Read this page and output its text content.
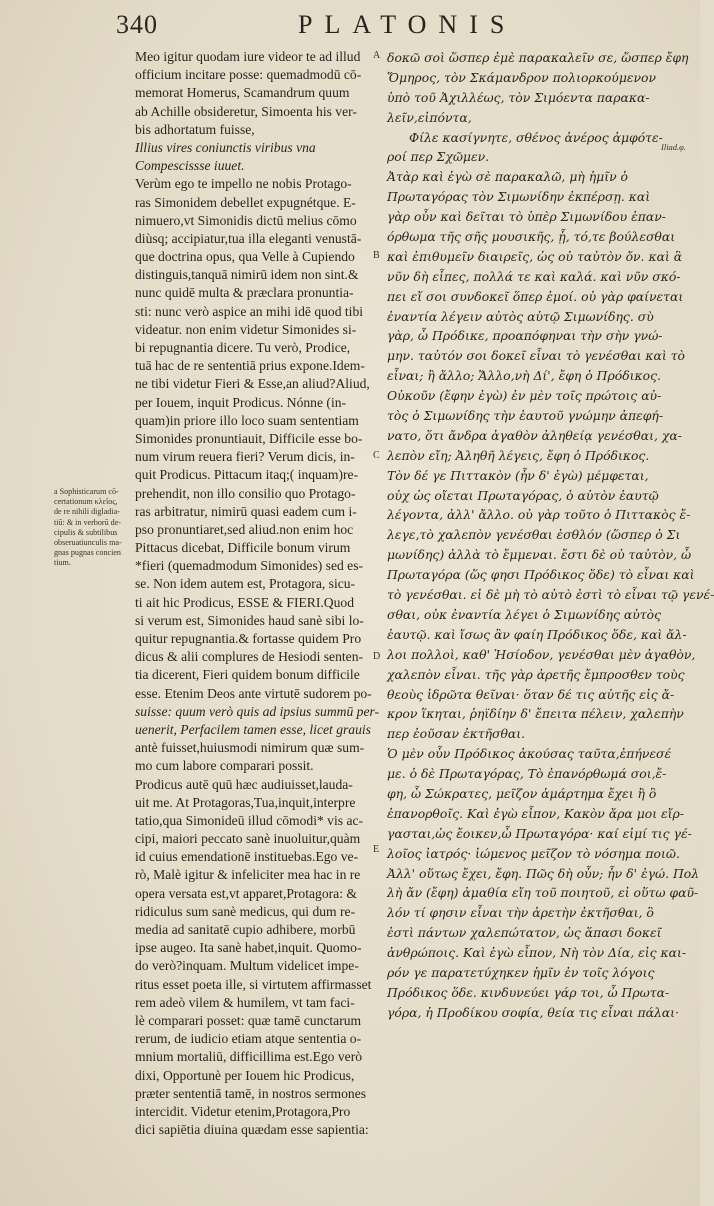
340	PLATONIS
a Sophisticarum cō-
certationum κλεῖος,
de re nihili digladia-
tiū: & in verborū de-
cipulis & subtilibus
obseruatiunculis ma-
gnas pugnas concien
tium.
Meo igitur quodam iure videor te ad illud
officium incitare posse: quemadmodū cō-
memorat Homerus, Scamandrum quum
ab Achille obsideretur, Simoenta his ver-
bis adhortatum fuisse,
Illius vires coniunctis viribus vna
Compescissse iuuet.
Verùm ego te impello ne nobis Protago-
ras Simonidem debellet expugnétque. E-
nimuero,vt Simonidis dictū melius cōmo
diùsq; accipiatur,tua illa eleganti venustā-
que doctrina opus, qua Velle à Cupiendo
distinguis,tanquā nimirū idem non sint.&
nunc quidē multa & præclara pronuntia-
sti: nunc verò aspice an mihi idē quod tibi
videatur. non enim videtur Simonides si-
bi repugnantia dicere. Tu verò, Prodice,
tuā hac de re sententiā prius expone.Idem-
ne tibi videtur Fieri & Esse,an aliud?Aliud,
per Iouem, inquit Prodicus. Nónne (in-
quam)in priore illo loco suam sententiam
Simonides pronuntiauit, Difficile esse bo-
num virum reuera fieri? Verum dicis, in-
quit Prodicus. Pittacum itaq;( inquam)re-
prehendit, non illo consilio quo Protago-
ras arbitratur, nimirū quasi eadem cum i-
pso pronuntiaret,sed aliud.non enim hoc
Pittacus dicebat, Difficile bonum virum
*fieri (quemadmodum Simonides) sed es-
se. Non idem autem est, Protagora, sicu-
ti ait hic Prodicus, ESSE & FIERI.Quod
si verum est, Simonides haud sanè sibi lo-
quitur repugnantia.& fortasse quidem Pro
dicus & alii complures de Hesiodi senten-
tia dicerent, Fieri quidem bonum difficile
esse. Etenim Deos ante virtutē sudorem po-
suisse: quum verò quis ad ipsius summū per-
uenerit, Perfacilem tamen esse, licet grauis
antè fuisset,huiusmodi nimirum quæ sum-
mo cum labore comparari possit.
Prodicus autē quū hæc audiuisset,lauda-
uit me. At Protagoras,Tua,inquit,interpre
tatio,qua Simonideū illud cōmodi* vis ac-
cipi, maiori peccato sanè inuoluitur,quàm
id cuius emendationē instituebas.Ego ve-
rò, Malè igitur & infeliciter mea hac in re
opera versata est,vt apparet,Protagora: &
ridiculus sum sanè medicus, qui dum re-
media ad sanitatē cupio adhibere, morbū
ipse augeo. Ita sanè habet,inquit. Quomo-
do verò?inquam. Multum videlicet impe-
ritus esset poeta ille, si virtutem affirmasset
rem adeò vilem & humilem, vt tam faci-
lè comparari posset: quæ tamē cunctarum
rerum, de iudicio etiam atque sententia o-
mnium mortaliū, difficillima est.Ego verò
dixi, Opportunè per Iouem hic Prodicus,
præter sententiā tamē, in nostros sermones
intercidit. Videtur etenim,Protagora,Pro
dici sapiētia diuina quædam esse sapientia:
A
B
C
D
E
δοκῶ σοὶ ὥσπερ ἐμὲ παρακαλεῖν σε, ὥσπερ ἔφη
Ὅμηρος, τὸν Σκάμανδρον πολιορκούμενον
ὑπὸ τοῦ Ἀχιλλέως, τὸν Σιμόεντα παρακα-
λεῖν,εἰπόντα,
Φίλε κασίγνητε, σθένος ἀνέρος ἀμφότε-
ροί περ Σχῶμεν.
Ἀτὰρ καὶ ἐγὼ σὲ παρακαλῶ, μὴ ἡμῖν ὁ
Πρωταγόρας τὸν Σιμωνίδην ἐκπέρσῃ. καὶ
γὰρ οὖν καὶ δεῖται τὸ ὑπὲρ Σιμωνίδου ἐπαν-
όρθωμα τῆς σῆς μουσικῆς, ᾗ, τό,τε βούλεσθαι
καὶ ἐπιθυμεῖν διαιρεῖς, ὡς οὐ ταὐτὸν ὄν. καὶ ἃ
νῦν δὴ εἶπες, πολλά τε καὶ καλά. καὶ νῦν σκό-
πει εἴ σοι συνδοκεῖ ὅπερ ἐμοί. οὐ γὰρ φαίνεται
ἐναντία λέγειν αὐτὸς αὑτῷ Σιμωνίδης. σὺ
γὰρ, ὦ Πρόδικε, προαπόφηναι τὴν σὴν γνώ-
μην. ταὐτόν σοι δοκεῖ εἶναι τὸ γενέσθαι καὶ τὸ
εἶναι; ἢ ἄλλο; Ἄλλο,νὴ Δί', ἔφη ὁ Πρόδικος.
Οὐκοῦν (ἔφην ἐγὼ) ἐν μὲν τοῖς πρώτοις αὐ-
τὸς ὁ Σιμωνίδης τὴν ἑαυτοῦ γνώμην ἀπεφή-
νατο, ὅτι ἄνδρα ἀγαθὸν ἀληθείᾳ γενέσθαι, χα-
λεπὸν εἴη; Ἀληθῆ λέγεις, ἔφη ὁ Πρόδικος.
Τὸν δέ γε Πιττακὸν (ἦν δ' ἐγὼ) μέμφεται,
οὐχ ὡς οἴεται Πρωταγόρας, ὁ αὐτὸν ἑαυτῷ
λέγοντα, ἀλλ' ἄλλο. οὐ γὰρ τοῦτο ὁ Πιττακὸς ἔ-
λεγε,τὸ χαλεπὸν γενέσθαι ἐσθλόν (ὥσπερ ὁ Σι
μωνίδης) ἀλλὰ τὸ ἔμμεναι. ἔστι δὲ οὐ ταὐτὸν, ὦ
Πρωταγόρα (ὥς φησι Πρόδικος ὅδε) τὸ εἶναι καὶ
τὸ γενέσθαι. εἰ δὲ μὴ τὸ αὐτὸ ἐστὶ τὸ εἶναι τῷ γενέ-
σθαι, οὐκ ἐναντία λέγει ὁ Σιμωνίδης αὐτὸς
ἑαυτῷ. καὶ ἴσως ἂν φαίη Πρόδικος ὅδε, καὶ ἄλ-
λοι πολλοὶ, καθ' Ἡσίοδον, γενέσθαι μὲν ἀγαθὸν,
χαλεπὸν εἶναι. τῆς γὰρ ἀρετῆς ἔμπροσθεν τοὺς
θεοὺς ἱδρῶτα θεῖναι· ὅταν δέ τις αὐτῆς εἰς ἄ-
κρον ἵκηται, ῥηϊδίην δ' ἔπειτα πέλειν, χαλεπὴν
περ ἐοῦσαν ἐκτῆσθαι.
Ὁ μὲν οὖν Πρόδικος ἀκούσας ταῦτα,ἐπήνεσέ
με. ὁ δὲ Πρωταγόρας, Τὸ ἐπανόρθωμά σοι,ἔ-
φη, ὦ Σώκρατες, μεῖζον ἁμάρτημα ἔχει ἢ ὃ
ἐπανορθοῖς. Καὶ ἐγὼ εἶπον, Κακὸν ἄρα μοι εἴρ-
γασται,ὡς ἔοικεν,ὦ Πρωταγόρα· καί εἰμί τις γέ-
λοῖος ἰατρός· ἰώμενος μεῖζον τὸ νόσημα ποιῶ.
Ἀλλ' οὕτως ἔχει, ἔφη. Πῶς δὴ οὖν; ἦν δ' ἐγώ. Πολ
λὴ ἄν (ἔφη) ἀμαθία εἴη τοῦ ποιητοῦ, εἰ οὕτω φαῦ-
λόν τί φησιν εἶναι τὴν ἀρετὴν ἐκτῆσθαι, ὃ
ἐστὶ πάντων χαλεπώτατον, ὡς ἅπασι δοκεῖ
ἀνθρώποις. Καὶ ἐγὼ εἶπον, Νὴ τὸν Δία, εἰς και-
ρόν γε παρατετύχηκεν ἡμῖν ἐν τοῖς λόγοις
Πρόδικος ὅδε. κινδυνεύει γάρ τοι, ὦ Πρωτα-
γόρα, ἡ Προδίκου σοφία, θεία τις εἶναι πάλαι·
Iliad.φ.
